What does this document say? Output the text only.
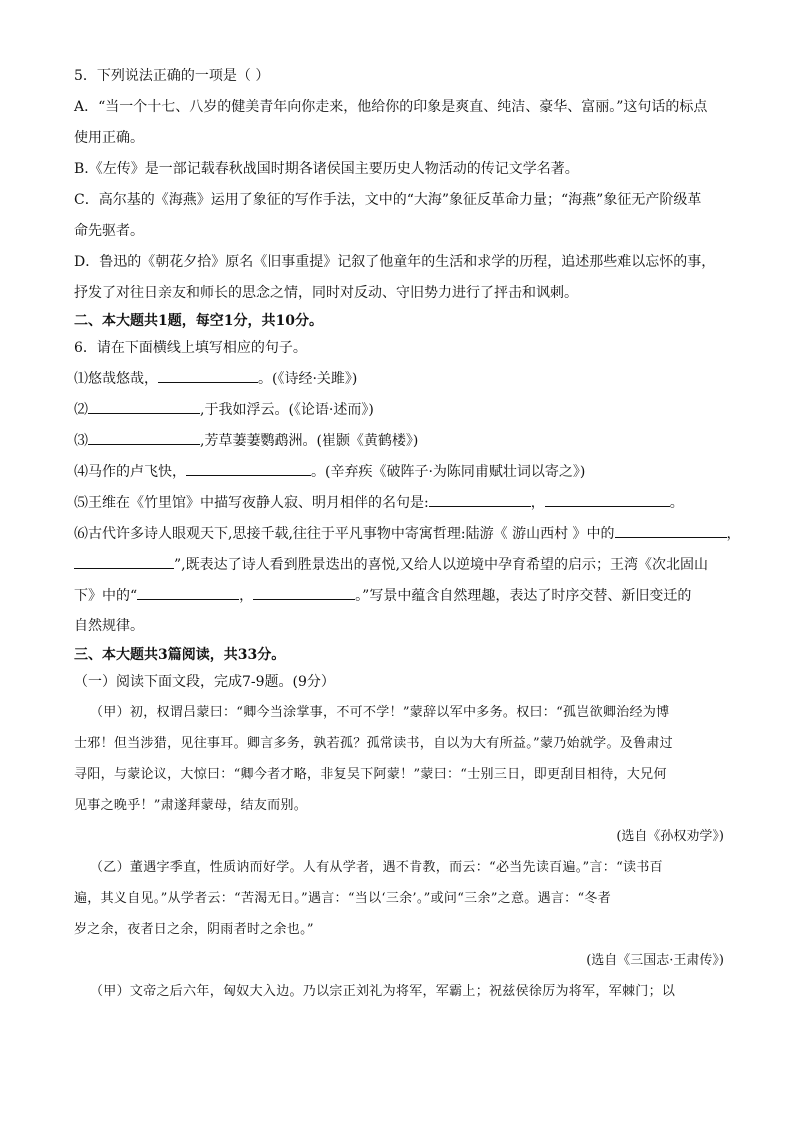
5．下列说法正确的一项是（ ）
A．“当一个十七、八岁的健美青年向你走来，他给你的印象是爽直、纯洁、豪华、富丽。”这句话的标点
使用正确。
B.《左传》是一部记载春秋战国时期各诸侯国主要历史人物活动的传记文学名著。
C．高尔基的《海燕》运用了象征的写作手法，文中的“大海”象征反革命力量；“海燕”象征无产阶级革
命先驱者。
D．鲁迅的《朝花夕拾》原名《旧事重提》记叙了他童年的生活和求学的历程，追述那些难以忘怀的事，
抒发了对往日亲友和师长的思念之情，同时对反动、守旧势力进行了抨击和讽刺。
二、本大题共1题，每空1分，共10分。
6．请在下面横线上填写相应的句子。
⑴悠哉悠哉，	。(《诗经·关雎》)
⑵	,于我如浮云。(《论语·述而》)
⑶	,芳草萋萋鹦鹉洲。(崔颢《黄鹤楼》)
⑷马作的卢飞快，	。(辛弃疾《破阵子·为陈同甫赋壮词以寄之》)
⑸王维在《竹里馆》中描写夜静人寂、明月相伴的名句是:	，	。
⑹古代许多诗人眼观天下,思接千载,往往于平凡事物中寄寓哲理:陆游《 游山西村 》中的	，
”,既表达了诗人看到胜景迭出的喜悦,又给人以逆境中孕育希望的启示；王湾《次北固山
下》中的“	，	。”写景中蕴含自然理趣，表达了时序交替、新旧变迁的
自然规律。
三、本大题共3篇阅读，共33分。
（一）阅读下面文段，完成7-9题。(9分）
（甲）初，权谓吕蒙曰：“卿今当涂掌事，不可不学！”蒙辞以军中多务。权曰：“孤岂欲卿治经为博
士邪！但当涉猎，见往事耳。卿言多务，孰若孤？孤常读书，自以为大有所益。”蒙乃始就学。及鲁肃过
寻阳，与蒙论议，大惊曰：“卿今者才略，非复吴下阿蒙！”蒙曰：“士别三日，即更刮目相待，大兄何
见事之晚乎！”肃遂拜蒙母，结友而别。
(选自《孙权劝学》)
（乙）董遇字季直，性质讷而好学。人有从学者，遇不肯教，而云：“必当先读百遍。”言：“读书百
遍，其义自见。”从学者云：“苦渴无日。”遇言：“当以‘三余’。”或问“三余”之意。遇言：“冬者
岁之余，夜者日之余，阴雨者时之余也。”
(选自《三国志·王肃传》)
（甲）文帝之后六年，匈奴大入边。乃以宗正刘礼为将军，军霸上；祝兹侯徐厉为将军，军棘门；以
